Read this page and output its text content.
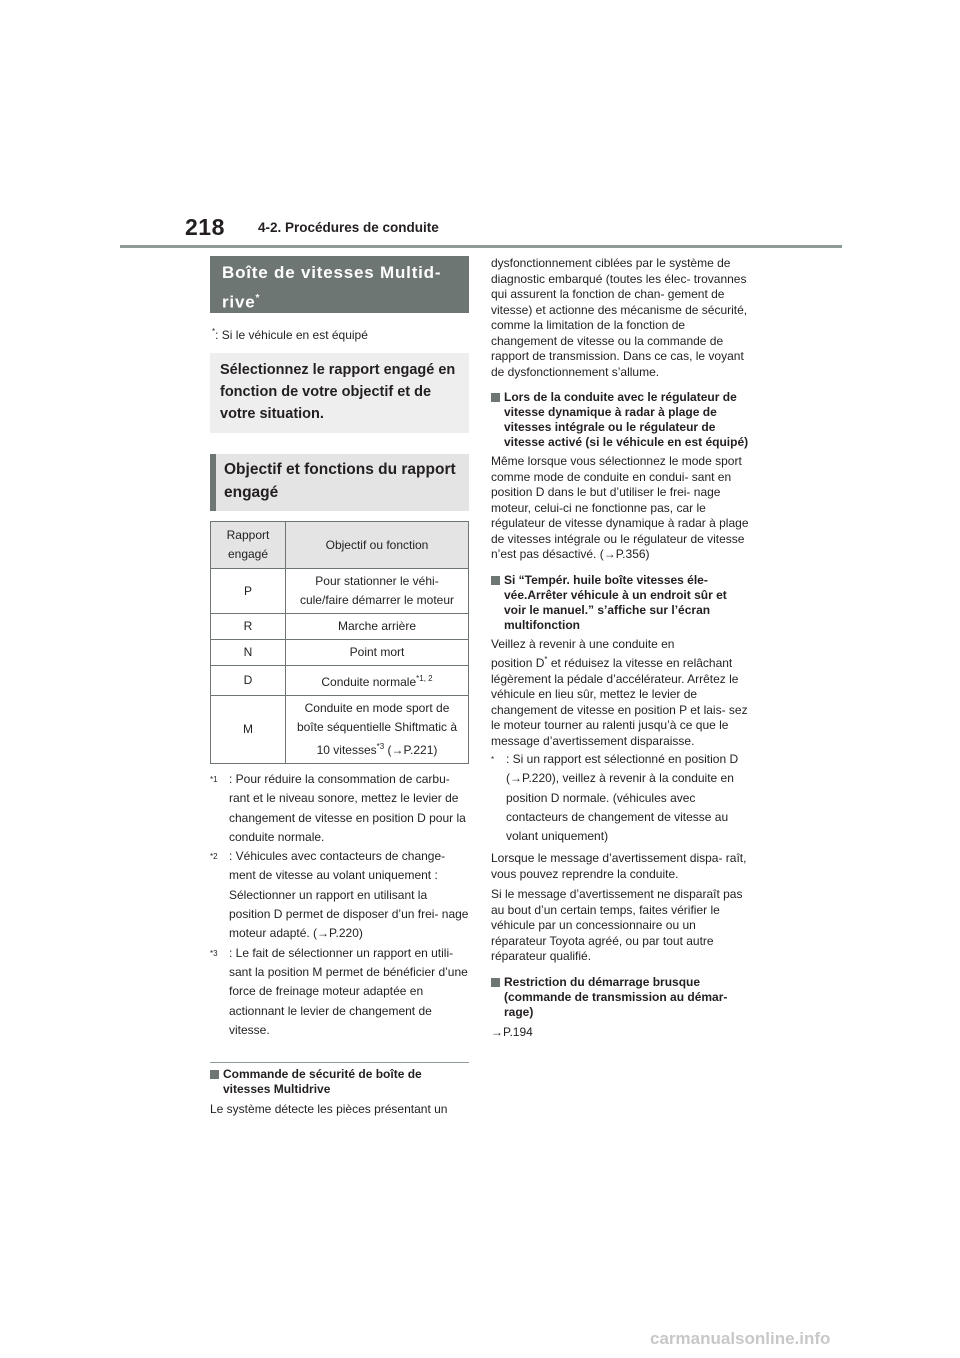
218 4-2. Procédures de conduite
Boîte de vitesses Multid-
rive*
*: Si le véhicule en est équipé
Sélectionnez le rapport engagé en fonction de votre objectif et de votre situation.
Objectif et fonctions du rapport engagé
Rapport
engagé	Objectif ou fonction
P	Pour stationner le véhi-
cule/faire démarrer le moteur
R	Marche arrière
N	Point mort
D	Conduite normale$^{*1, 2}$
M	Conduite en mode sport de
boîte séquentielle Shiftmatic à
10 vitesses$^{*3}$ (→P.221)
$^{*1}$ : Pour réduire la consommation de carbu- rant et le niveau sonore, mettez le levier de changement de vitesse en position D pour la conduite normale.
$^{*2}$ : Véhicules avec contacteurs de change- ment de vitesse au volant uniquement : Sélectionner un rapport en utilisant la position D permet de disposer d’un frei- nage moteur adapté. (→P.220)
$^{*3}$ : Le fait de sélectionner un rapport en utili- sant la position M permet de bénéficier d’une force de freinage moteur adaptée en actionnant le levier de changement de vitesse.
Commande de sécurité de boîte de vitesses Multidrive
Le système détecte les pièces présentant un
dysfonctionnement ciblées par le système de diagnostic embarqué (toutes les élec- trovannes qui assurent la fonction de chan- gement de vitesse) et actionne des mécanisme de sécurité, comme la limitation de la fonction de changement de vitesse ou la commande de rapport de transmission. Dans ce cas, le voyant de dysfonctionnement s’allume.
Lors de la conduite avec le régulateur de vitesse dynamique à radar à plage de vitesses intégrale ou le régulateur de vitesse activé (si le véhicule en est équipé)
Même lorsque vous sélectionnez le mode sport comme mode de conduite en condui- sant en position D dans le but d’utiliser le frei- nage moteur, celui-ci ne fonctionne pas, car le régulateur de vitesse dynamique à radar à plage de vitesses intégrale ou le régulateur de vitesse n’est pas désactivé. (→P.356)
Si “Tempér. huile boîte vitesses éle- vée.Arrêter véhicule à un endroit sûr et voir le manuel.” s’affiche sur l’écran multifonction
Veillez à revenir à une conduite en
position D* et réduisez la vitesse en relâchant légèrement la pédale d’accélérateur. Arrêtez le véhicule en lieu sûr, mettez le levier de changement de vitesse en position P et lais- sez le moteur tourner au ralenti jusqu’à ce que le message d’avertissement disparaisse.
* : Si un rapport est sélectionné en position D (→P.220), veillez à revenir à la conduite en position D normale. (véhicules avec contacteurs de changement de vitesse au volant uniquement)
Lorsque le message d’avertissement dispa- raît, vous pouvez reprendre la conduite.
Si le message d’avertissement ne disparaît pas au bout d’un certain temps, faites vérifier le véhicule par un concessionnaire ou un réparateur Toyota agréé, ou par tout autre réparateur qualifié.
Restriction du démarrage brusque (commande de transmission au démar- rage)
→P.194
carmanualsonline.info
